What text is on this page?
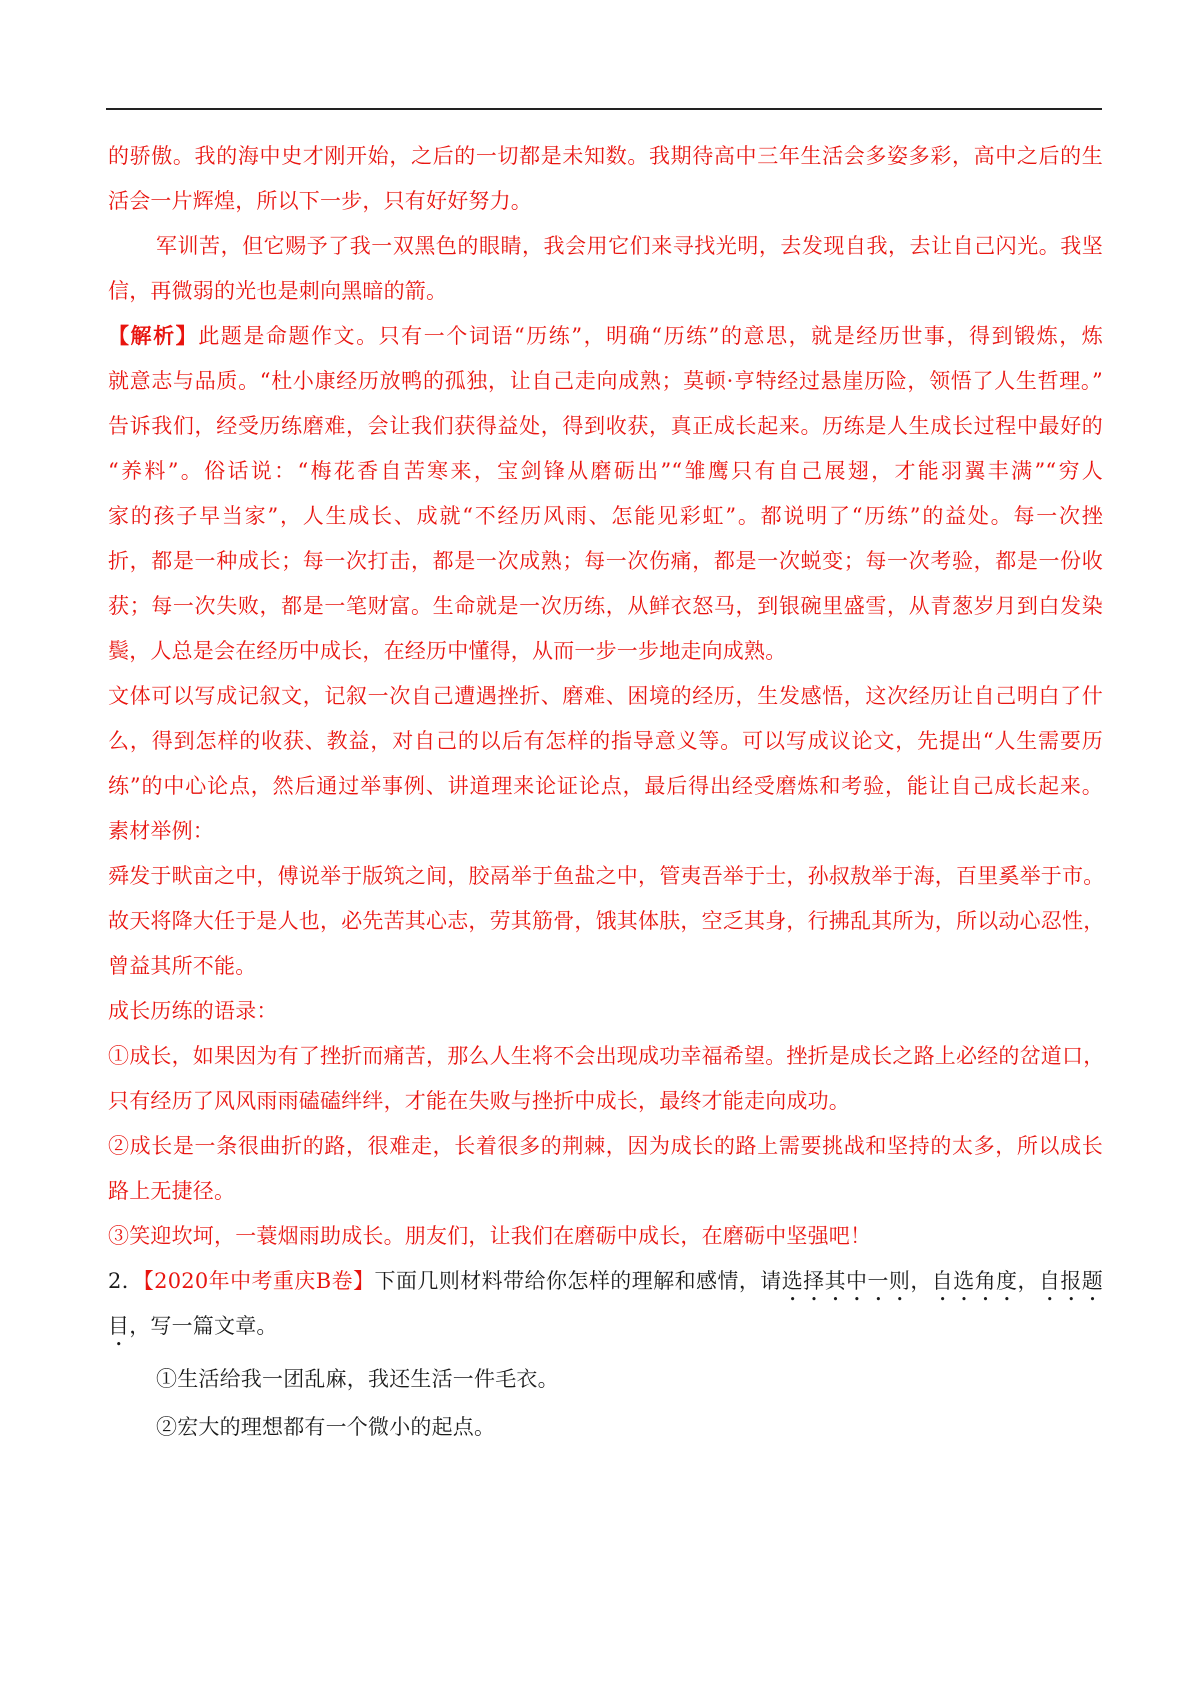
的骄傲。我的海中史才刚开始，之后的一切都是未知数。我期待高中三年生活会多姿多彩，高中之后的生
活会一片辉煌，所以下一步，只有好好努力。
军训苦，但它赐予了我一双黑色的眼睛，我会用它们来寻找光明，去发现自我，去让自己闪光。我坚
信，再微弱的光也是刺向黑暗的箭。
【解析】此题是命题作文。只有一个词语“历练”，明确“历练”的意思，就是经历世事，得到锻炼，炼
就意志与品质。“杜小康经历放鸭的孤独，让自己走向成熟；莫顿·亨特经过悬崖历险，领悟了人生哲理。”
告诉我们，经受历练磨难，会让我们获得益处，得到收获，真正成长起来。历练是人生成长过程中最好的
“养料”。俗话说：“梅花香自苦寒来，宝剑锋从磨砺出”“雏鹰只有自己展翅，才能羽翼丰满”“穷人
家的孩子早当家”，人生成长、成就“不经历风雨、怎能见彩虹”。都说明了“历练”的益处。每一次挫
折，都是一种成长；每一次打击，都是一次成熟；每一次伤痛，都是一次蜕变；每一次考验，都是一份收
获；每一次失败，都是一笔财富。生命就是一次历练，从鲜衣怒马，到银碗里盛雪，从青葱岁月到白发染
鬓，人总是会在经历中成长，在经历中懂得，从而一步一步地走向成熟。
文体可以写成记叙文，记叙一次自己遭遇挫折、磨难、困境的经历，生发感悟，这次经历让自己明白了什
么，得到怎样的收获、教益，对自己的以后有怎样的指导意义等。可以写成议论文，先提出“人生需要历
练”的中心论点，然后通过举事例、讲道理来论证论点，最后得出经受磨炼和考验，能让自己成长起来。
素材举例：
舜发于畎亩之中，傅说举于版筑之间，胶鬲举于鱼盐之中，管夷吾举于士，孙叔敖举于海，百里奚举于市。
故天将降大任于是人也，必先苦其心志，劳其筋骨，饿其体肤，空乏其身，行拂乱其所为，所以动心忍性，
曾益其所不能。
成长历练的语录：
①成长，如果因为有了挫折而痛苦，那么人生将不会出现成功幸福希望。挫折是成长之路上必经的岔道口，
只有经历了风风雨雨磕磕绊绊，才能在失败与挫折中成长，最终才能走向成功。
②成长是一条很曲折的路，很难走，长着很多的荆棘，因为成长的路上需要挑战和坚持的太多，所以成长
路上无捷径。
③笑迎坎坷，一蓑烟雨助成长。朋友们，让我们在磨砺中成长，在磨砺中坚强吧！
2．【2020年中考重庆B卷】下面几则材料带给你怎样的理解和感情，请选择其中一则，自选角度，自报题
目，写一篇文章。
①生活给我一团乱麻，我还生活一件毛衣。
②宏大的理想都有一个微小的起点。
